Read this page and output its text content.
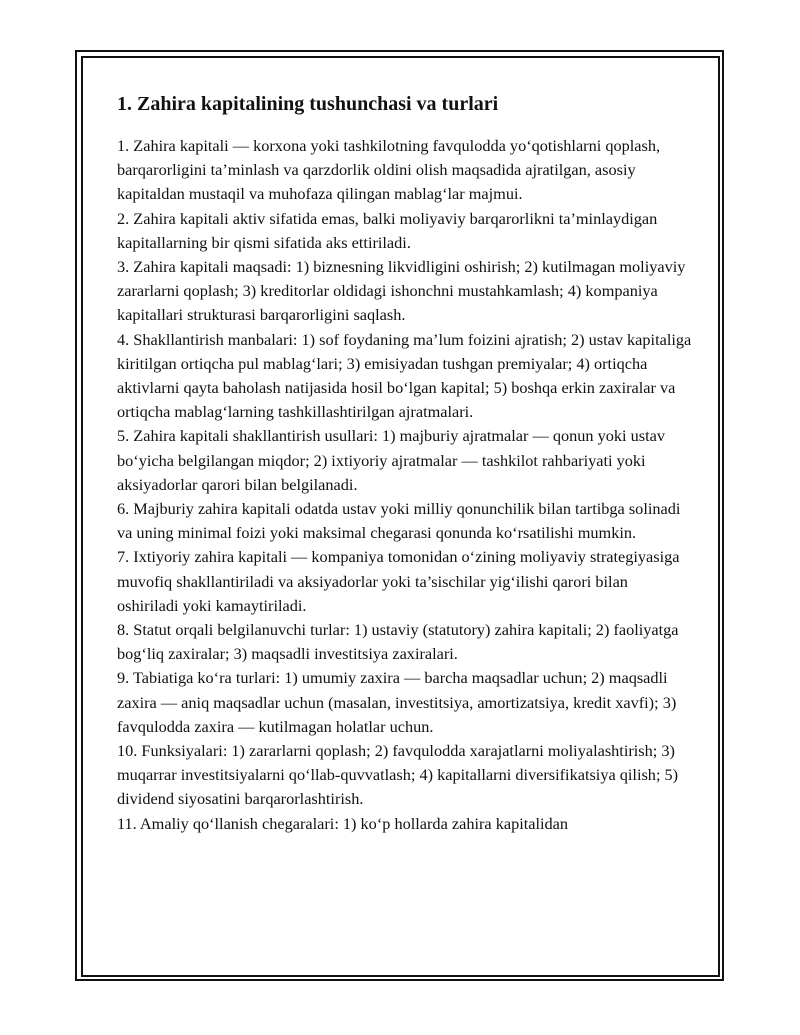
1. Zahira kapitalining tushunchasi va turlari

1. Zahira kapitali — korxona yoki tashkilotning favqulodda yo‘qotishlarni qoplash, barqarorligini ta’minlash va qarzdorlik oldini olish maqsadida ajratilgan, asosiy kapitaldan mustaqil va muhofaza qilingan mablag‘lar majmui.

2. Zahira kapitali aktiv sifatida emas, balki moliyaviy barqarorlikni ta’minlaydigan kapitallarning bir qismi sifatida aks ettiriladi.

3. Zahira kapitali maqsadi: 1) biznesning likvidligini oshirish; 2) kutilmagan moliyaviy zararlarni qoplash; 3) kreditorlar oldidagi ishonchni mustahkamlash; 4) kompaniya kapitallari strukturasi barqarorligini saqlash.

4. Shakllantirish manbalari: 1) sof foydaning ma’lum foizini ajratish; 2) ustav kapitaliga kiritilgan ortiqcha pul mablag‘lari; 3) emisiyadan tushgan premiyalar; 4) ortiqcha aktivlarni qayta baholash natijasida hosil bo‘lgan kapital; 5) boshqa erkin zaxiralar va ortiqcha mablag‘larning tashkillashtirilgan ajratmalari.

5. Zahira kapitali shakllantirish usullari: 1) majburiy ajratmalar — qonun yoki ustav bo‘yicha belgilangan miqdor; 2) ixtiyoriy ajratmalar — tashkilot rahbariyati yoki aksiyadorlar qarori bilan belgilanadi.

6. Majburiy zahira kapitali odatda ustav yoki milliy qonunchilik bilan tartibga solinadi va uning minimal foizi yoki maksimal chegarasi qonunda ko‘rsatilishi mumkin.

7. Ixtiyoriy zahira kapitali — kompaniya tomonidan o‘zining moliyaviy strategiyasiga muvofiq shakllantiriladi va aksiyadorlar yoki ta’sischilar yig‘ilishi qarori bilan oshiriladi yoki kamaytiriladi.

8. Statut orqali belgilanuvchi turlar: 1) ustaviy (statutory) zahira kapitali; 2) faoliyatga bog‘liq zaxiralar; 3) maqsadli investitsiya zaxiralari.

9. Tabiatiga ko‘ra turlari: 1) umumiy zaxira — barcha maqsadlar uchun; 2) maqsadli zaxira — aniq maqsadlar uchun (masalan, investitsiya, amortizatsiya, kredit xavfi); 3) favqulodda zaxira — kutilmagan holatlar uchun.

10. Funksiyalari: 1) zararlarni qoplash; 2) favqulodda xarajatlarni moliyalashtirish; 3) muqarrar investitsiyalarni qo‘llab-quvvatlash; 4) kapitallarni diversifikatsiya qilish; 5) dividend siyosatini barqarorlashtirish.

11. Amaliy qo‘llanish chegaralari: 1) ko‘p hollarda zahira kapitalidan
